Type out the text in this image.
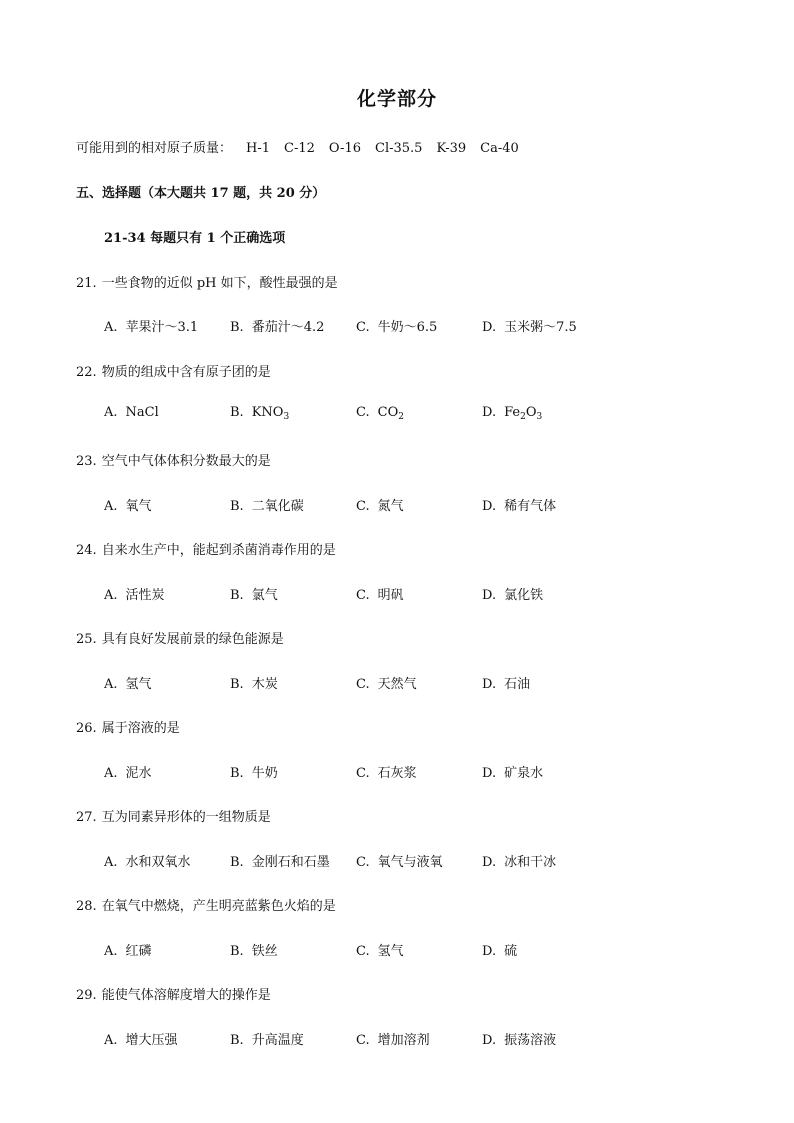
化学部分
可能用到的相对原子质量： H-1 C-12 O-16 Cl-35.5 K-39 Ca-40
五、选择题（本大题共 17 题，共 20 分）
21-34 每题只有 1 个正确选项
21. 一些食物的近似 pH 如下，酸性最强的是
A. 苹果汁～3.1 B. 番茄汁～4.2 C. 牛奶～6.5	D. 玉米粥～7.5
22. 物质的组成中含有原子团的是
A. NaCl	B. $KNO_3$	C. $CO_2$	D. $Fe_2O_3$
23. 空气中气体体积分数最大的是
A. 氧气	B. 二氧化碳	C. 氮气	D. 稀有气体
24. 自来水生产中，能起到杀菌消毒作用的是
A. 活性炭	B. 氯气	C. 明矾	D. 氯化铁
25. 具有良好发展前景的绿色能源是
A. 氢气	B. 木炭	C. 天然气	D. 石油
26. 属于溶液的是
A. 泥水	B. 牛奶	C. 石灰浆	D. 矿泉水
27. 互为同素异形体的一组物质是
A. 水和双氧水	B. 金刚石和石墨 C. 氧气与液氧	D. 冰和干冰
28. 在氧气中燃烧，产生明亮蓝紫色火焰的是
A. 红磷	B. 铁丝	C. 氢气	D. 硫
29. 能使气体溶解度增大的操作是
A. 增大压强	B. 升高温度	C. 增加溶剂	D. 振荡溶液
